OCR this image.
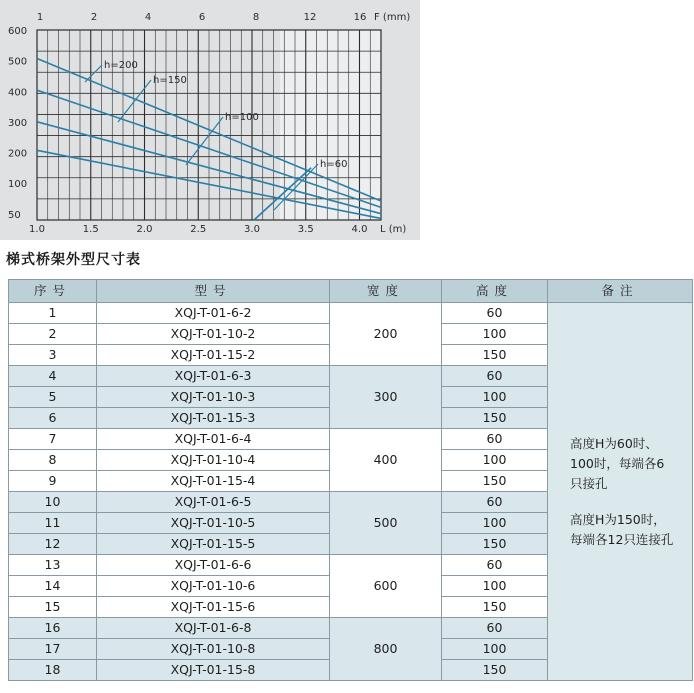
1.0	1.5	2.0	2.5	3.0	3.5	4.0 L (m)
600
500
400
300
200
100
50
1	2	4	6	8	12	16 F (mm)
h=200
h=150
h=100
h=60
梯式桥架外型尺寸表
序号	型号	宽度	高度	备注
1	XQJ-T-01-6-2	200	60	高度H为60时、100时，每端各6只接孔
高度H为150时，每端各12只连接孔

2	XQJ-T-01-10-2		100	
3	XQJ-T-01-15-2		150	
4	XQJ-T-01-6-3	300	60	
5	XQJ-T-01-10-3		100	
6	XQJ-T-01-15-3		150	
7	XQJ-T-01-6-4	400	60	
8	XQJ-T-01-10-4		100	
9	XQJ-T-01-15-4		150	
10	XQJ-T-01-6-5	500	60	
11	XQJ-T-01-10-5		100	
12	XQJ-T-01-15-5		150	
13	XQJ-T-01-6-6	600	60	
14	XQJ-T-01-10-6		100	
15	XQJ-T-01-15-6		150	
16	XQJ-T-01-6-8	800	60	
17	XQJ-T-01-10-8		100	
18	XQJ-T-01-15-8		150	
